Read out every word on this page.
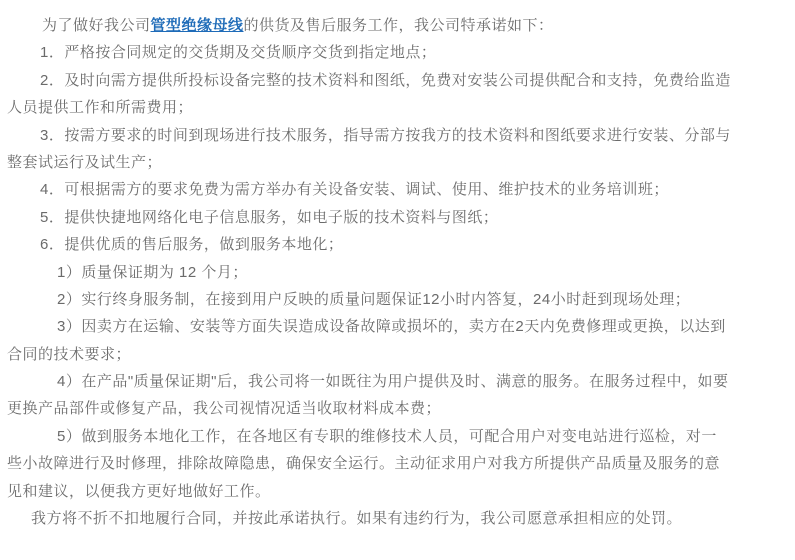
为了做好我公司管型绝缘母线的供货及售后服务工作，我公司特承诺如下：
1．严格按合同规定的交货期及交货顺序交货到指定地点；
2．及时向需方提供所投标设备完整的技术资料和图纸，免费对安装公司提供配合和支持，免费给监造
人员提供工作和所需费用；
3．按需方要求的时间到现场进行技术服务，指导需方按我方的技术资料和图纸要求进行安装、分部与
整套试运行及试生产；
4．可根据需方的要求免费为需方举办有关设备安装、调试、使用、维护技术的业务培训班；
5．提供快捷地网络化电子信息服务，如电子版的技术资料与图纸；
6．提供优质的售后服务，做到服务本地化；
1）质量保证期为 12 个月；
2）实行终身服务制，在接到用户反映的质量问题保证12小时内答复，24小时赶到现场处理；
3）因卖方在运输、安装等方面失误造成设备故障或损坏的，卖方在2天内免费修理或更换，以达到
合同的技术要求；
4）在产品"质量保证期"后，我公司将一如既往为用户提供及时、满意的服务。在服务过程中，如要
更换产品部件或修复产品，我公司视情况适当收取材料成本费；
5）做到服务本地化工作，在各地区有专职的维修技术人员，可配合用户对变电站进行巡检，对一
些小故障进行及时修理，排除故障隐患，确保安全运行。主动征求用户对我方所提供产品质量及服务的意
见和建议，以便我方更好地做好工作。
我方将不折不扣地履行合同，并按此承诺执行。如果有违约行为，我公司愿意承担相应的处罚。
